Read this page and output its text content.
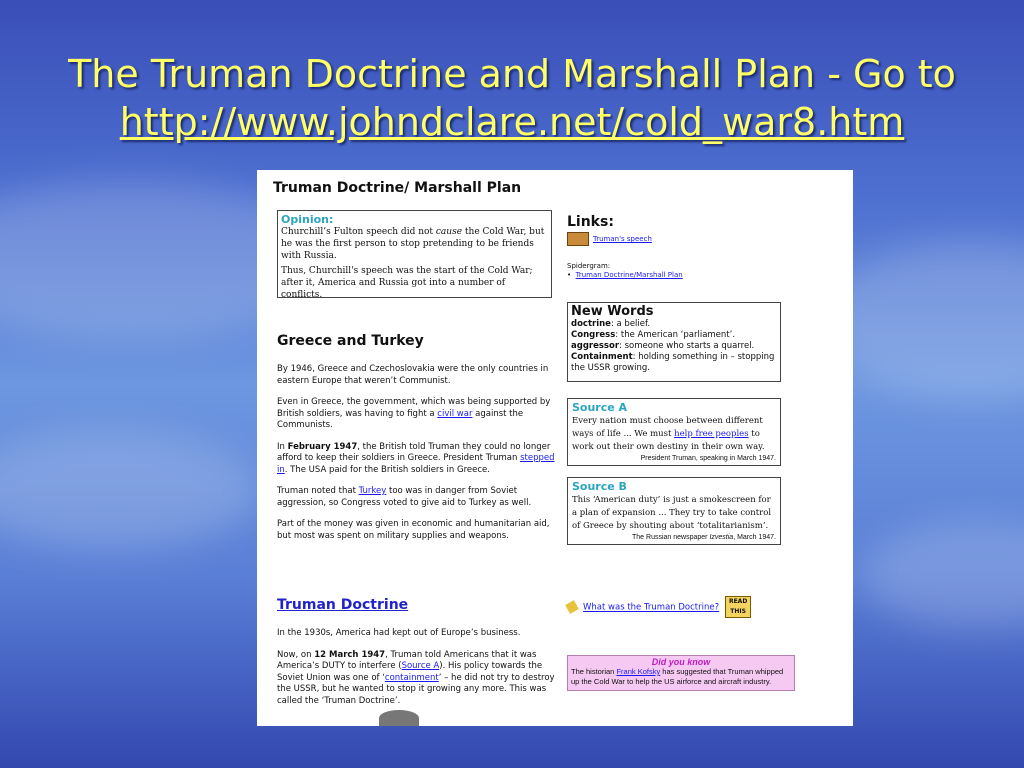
The Truman Doctrine and Marshall Plan - Go to
http://www.johndclare.net/cold_war8.htm
Truman Doctrine/ Marshall Plan
Opinion:

Churchill’s Fulton speech did not cause the Cold War, but he was the first person to stop pretending to be friends with Russia.

Thus, Churchill's speech was the start of the Cold War; after it, America and Russia got into a number of conflicts.

Greece and Turkey

By 1946, Greece and Czechoslovakia were the only countries in eastern Europe that weren’t Communist.

Even in Greece, the government, which was being supported by British soldiers, was having to fight a civil war against the Communists.

In February 1947, the British told Truman they could no longer afford to keep their soldiers in Greece. President Truman stepped in. The USA paid for the British soldiers in Greece.

Truman noted that Turkey too was in danger from Soviet aggression, so Congress voted to give aid to Turkey as well.

Part of the money was given in economic and humanitarian aid, but most was spent on military supplies and weapons.

Truman Doctrine

In the 1930s, America had kept out of Europe’s business.

Now, on 12 March 1947, Truman told Americans that it was America’s DUTY to interfere (Source A). His policy towards the Soviet Union was one of ‘containment’ – he did not try to destroy the USSR, but he wanted to stop it growing any more. This was called the ‘Truman Doctrine’.

Links:
Truman's speech
Spidergram:
•  Truman Doctrine/Marshall Plan
New Words
doctrine: a belief.
Congress: the American ‘parliament’.
aggressor: someone who starts a quarrel.
Containment: holding something in – stopping the USSR growing.
Source A
Every nation must choose between different ways of life ... We must help free peoples to work out their own destiny in their own way.
President Truman, speaking in March 1947.
Source B
This ‘American duty’ is just a smokescreen for a plan of expansion ... They try to take control of Greece by shouting about ‘totalitarianism’.
The Russian newspaper Izvestia, March 1947.
What was the Truman Doctrine?READ THIS
Did you know
The historian Frank Kofsky has suggested that Truman whipped up the Cold War to help the US airforce and aircraft industry.
